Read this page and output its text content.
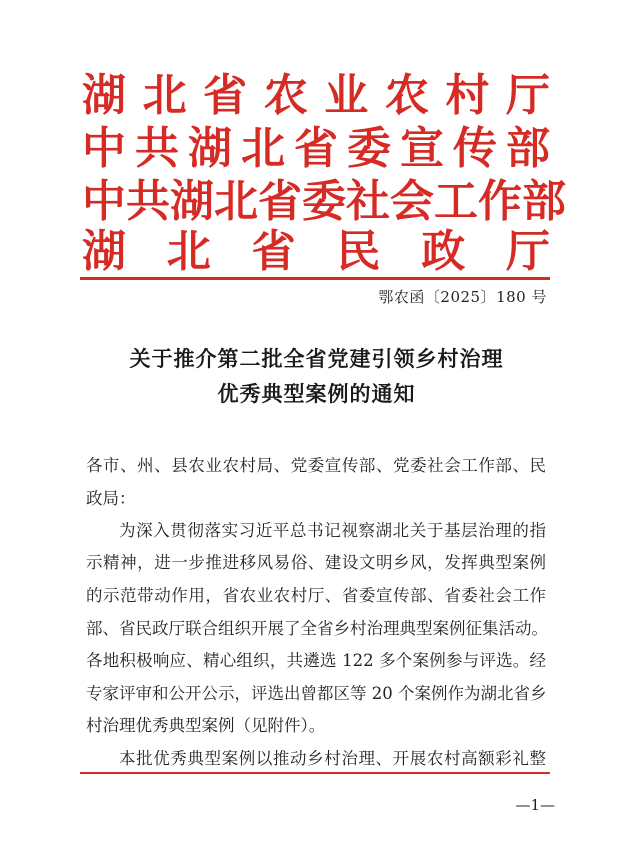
湖北省农业农村厅
中共湖北省委宣传部
中共湖北省委社会工作部
湖北省民政厅
鄂农函〔2025〕180 号
关于推介第二批全省党建引领乡村治理
优秀典型案例的通知
各市、州、县农业农村局、党委宣传部、党委社会工作部、民
政局：
为深入贯彻落实习近平总书记视察湖北关于基层治理的指
示精神，进一步推进移风易俗、建设文明乡风，发挥典型案例
的示范带动作用，省农业农村厅、省委宣传部、省委社会工作
部、省民政厅联合组织开展了全省乡村治理典型案例征集活动。
各地积极响应、精心组织，共遴选 122 多个案例参与评选。经
专家评审和公开公示，评选出曾都区等 20 个案例作为湖北省乡
村治理优秀典型案例（见附件）。
本批优秀典型案例以推动乡村治理、开展农村高额彩礼整
—1—
